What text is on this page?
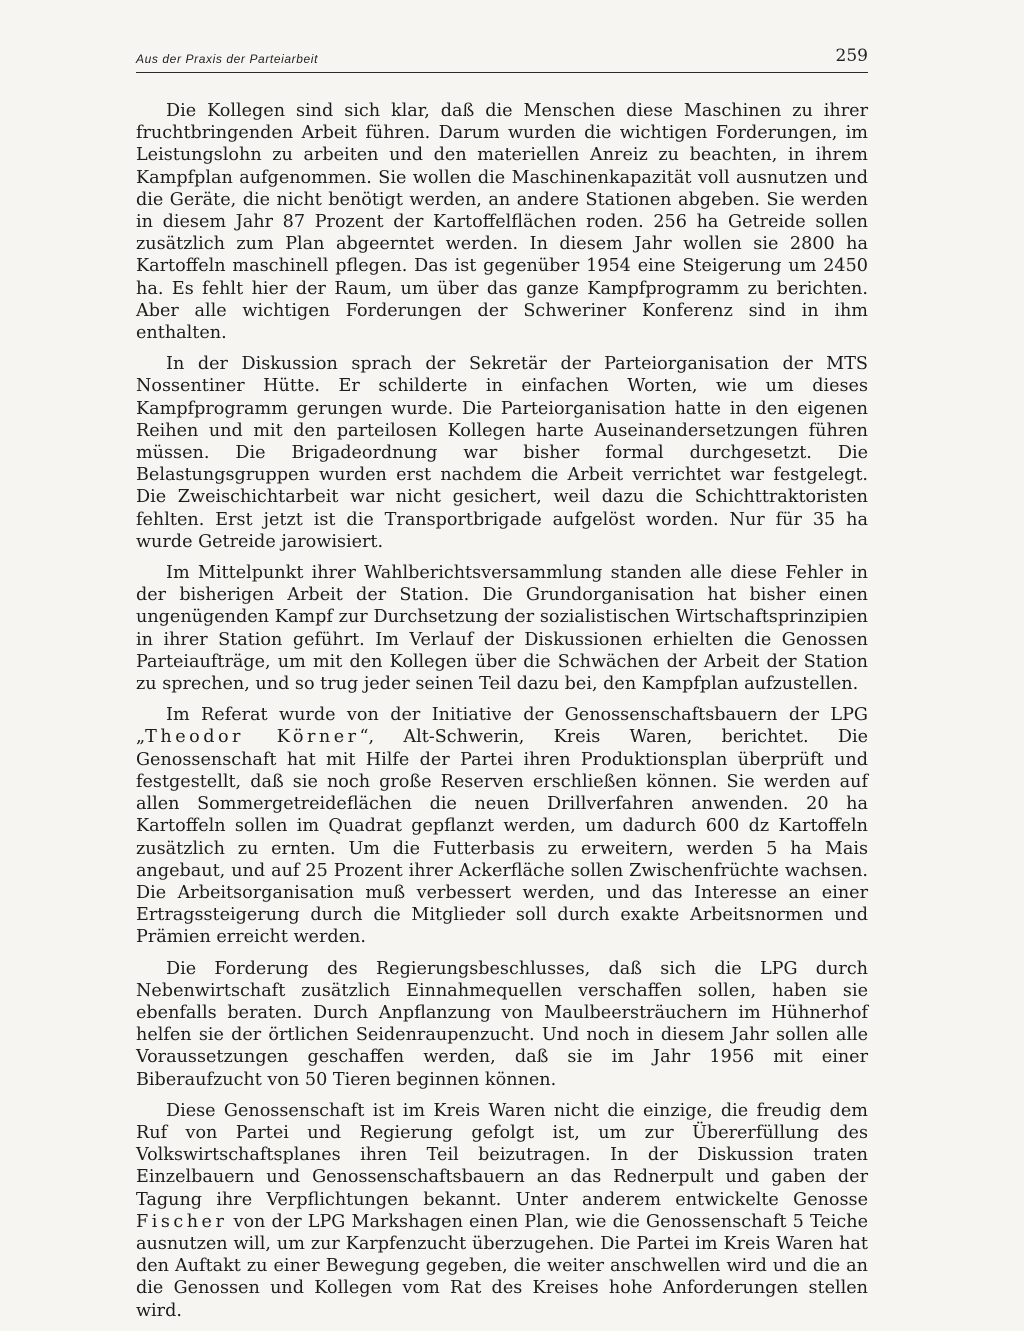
Aus der Praxis der Parteiarbeit	259

Die Kollegen sind sich klar, daß die Menschen diese Maschinen zu ihrer fruchtbringenden Arbeit führen. Darum wurden die wichtigen Forderungen, im Leistungslohn zu arbeiten und den materiellen Anreiz zu beachten, in ihrem Kampfplan aufgenommen. Sie wollen die Maschinenkapazität voll ausnutzen und die Geräte, die nicht benötigt werden, an andere Stationen abgeben. Sie werden in diesem Jahr 87 Prozent der Kartoffelflächen roden. 256 ha Getreide sollen zusätzlich zum Plan abgeerntet werden. In diesem Jahr wollen sie 2800 ha Kartoffeln maschinell pflegen. Das ist gegenüber 1954 eine Steigerung um 2450 ha. Es fehlt hier der Raum, um über das ganze Kampfprogramm zu berichten. Aber alle wichtigen Forderungen der Schweriner Konferenz sind in ihm enthalten.

In der Diskussion sprach der Sekretär der Parteiorganisation der MTS Nossentiner Hütte. Er schilderte in einfachen Worten, wie um dieses Kampfprogramm gerungen wurde. Die Parteiorganisation hatte in den eigenen Reihen und mit den parteilosen Kollegen harte Auseinandersetzungen führen müssen. Die Brigadeordnung war bisher formal durchgesetzt. Die Belastungsgruppen wurden erst nachdem die Arbeit verrichtet war festgelegt. Die Zweischichtarbeit war nicht gesichert, weil dazu die Schichttraktoristen fehlten. Erst jetzt ist die Transportbrigade aufgelöst worden. Nur für 35 ha wurde Getreide jarowisiert.

Im Mittelpunkt ihrer Wahlberichtsversammlung standen alle diese Fehler in der bisherigen Arbeit der Station. Die Grundorganisation hat bisher einen ungenügenden Kampf zur Durchsetzung der sozialistischen Wirtschaftsprinzipien in ihrer Station geführt. Im Verlauf der Diskussionen erhielten die Genossen Parteiaufträge, um mit den Kollegen über die Schwächen der Arbeit der Station zu sprechen, und so trug jeder seinen Teil dazu bei, den Kampfplan aufzustellen.

Im Referat wurde von der Initiative der Genossenschaftsbauern der LPG „Theodor Körner“, Alt-Schwerin, Kreis Waren, berichtet. Die Genossenschaft hat mit Hilfe der Partei ihren Produktionsplan überprüft und festgestellt, daß sie noch große Reserven erschließen können. Sie werden auf allen Sommergetreideflächen die neuen Drillverfahren anwenden. 20 ha Kartoffeln sollen im Quadrat gepflanzt werden, um dadurch 600 dz Kartoffeln zusätzlich zu ernten. Um die Futterbasis zu erweitern, werden 5 ha Mais angebaut, und auf 25 Prozent ihrer Ackerfläche sollen Zwischenfrüchte wachsen. Die Arbeitsorganisation muß verbessert werden, und das Interesse an einer Ertragssteigerung durch die Mitglieder soll durch exakte Arbeitsnormen und Prämien erreicht werden.

Die Forderung des Regierungsbeschlusses, daß sich die LPG durch Nebenwirtschaft zusätzlich Einnahmequellen verschaffen sollen, haben sie ebenfalls beraten. Durch Anpflanzung von Maulbeersträuchern im Hühnerhof helfen sie der örtlichen Seidenraupenzucht. Und noch in diesem Jahr sollen alle Voraussetzungen geschaffen werden, daß sie im Jahr 1956 mit einer Biberaufzucht von 50 Tieren beginnen können.

Diese Genossenschaft ist im Kreis Waren nicht die einzige, die freudig dem Ruf von Partei und Regierung gefolgt ist, um zur Übererfüllung des Volkswirtschaftsplanes ihren Teil beizutragen. In der Diskussion traten Einzelbauern und Genossenschaftsbauern an das Rednerpult und gaben der Tagung ihre Verpflichtungen bekannt. Unter anderem entwickelte Genosse Fischer von der LPG Markshagen einen Plan, wie die Genossenschaft 5 Teiche ausnutzen will, um zur Karpfenzucht überzugehen. Die Partei im Kreis Waren hat den Auftakt zu einer Bewegung gegeben, die weiter anschwellen wird und die an die Genossen und Kollegen vom Rat des Kreises hohe Anforderungen stellen wird.
